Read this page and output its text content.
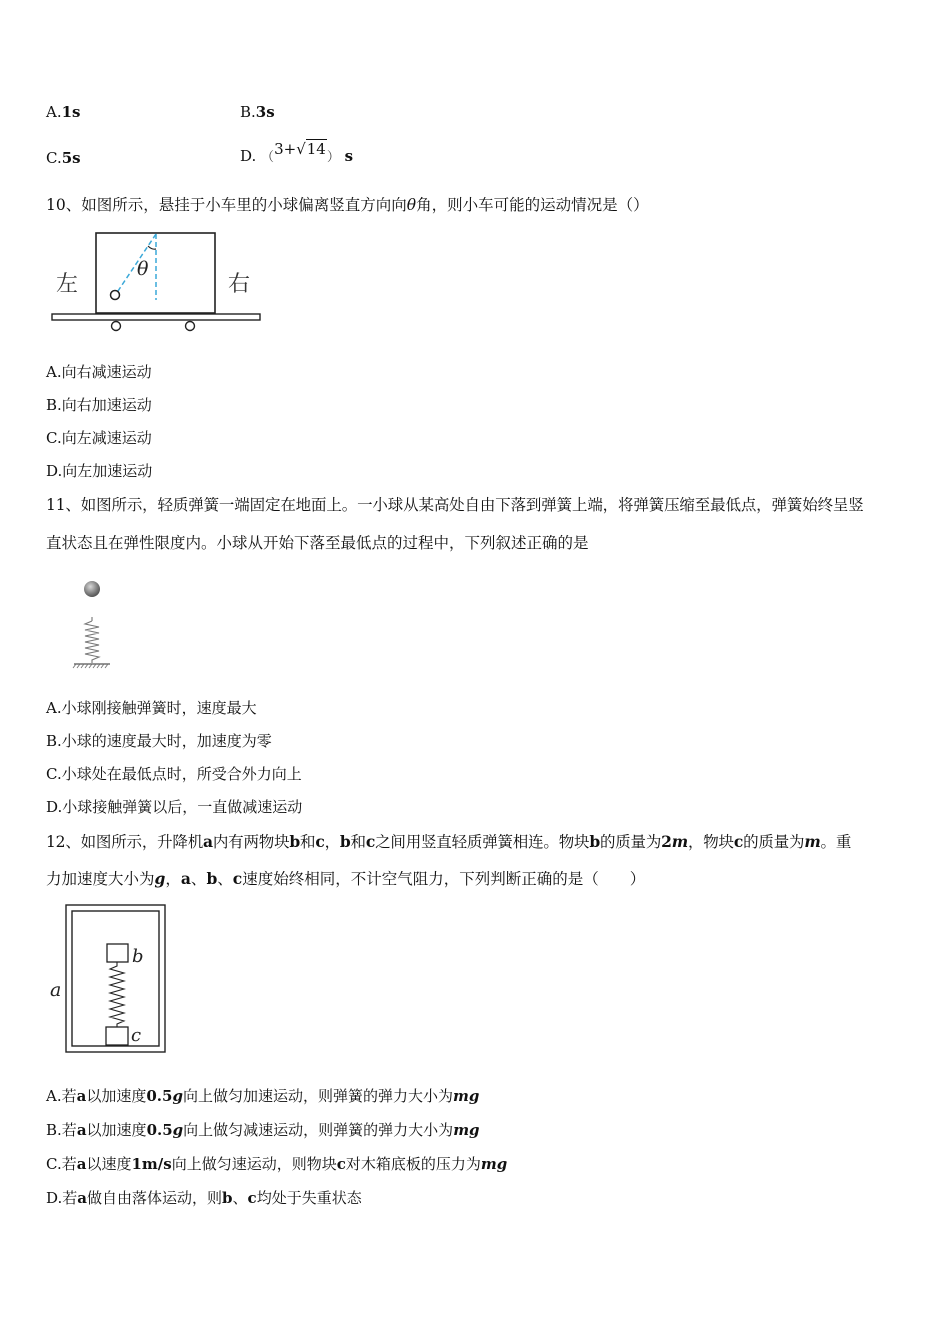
A.1s	B.3s
C.5s	D. （3+√14） s
10、如图所示，悬挂于小车里的小球偏离竖直方向向θ角，则小车可能的运动情况是（）
θ
左	右
A.向右减速运动
B.向右加速运动
C.向左减速运动
D.向左加速运动
11、如图所示，轻质弹簧一端固定在地面上。一小球从某高处自由下落到弹簧上端，将弹簧压缩至最低点，弹簧始终呈竖
直状态且在弹性限度内。小球从开始下落至最低点的过程中，下列叙述正确的是
A.小球刚接触弹簧时，速度最大
B.小球的速度最大时，加速度为零
C.小球处在最低点时，所受合外力向上
D.小球接触弹簧以后，一直做减速运动
12、如图所示，升降机a内有两物块b和c，b和c之间用竖直轻质弹簧相连。物块b的质量为2m，物块c的质量为m。重
力加速度大小为g，a、b、c速度始终相同，不计空气阻力，下列判断正确的是（　　）
b
c
a
A.若a以加速度0.5g向上做匀加速运动，则弹簧的弹力大小为mg
B.若a以加速度0.5g向上做匀减速运动，则弹簧的弹力大小为mg
C.若a以速度1m/s向上做匀速运动，则物块c对木箱底板的压力为mg
D.若a做自由落体运动，则b、c均处于失重状态
